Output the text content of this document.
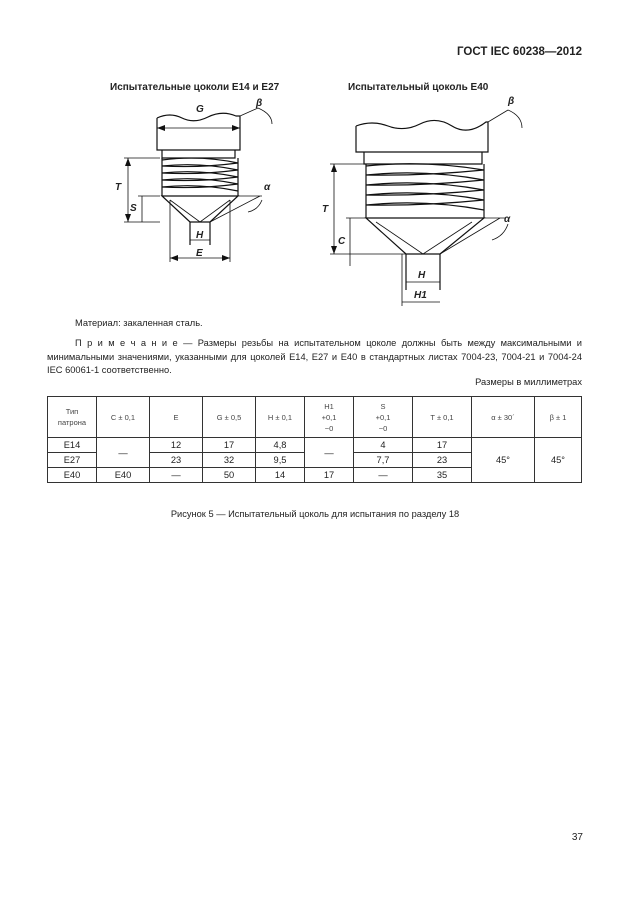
ГОСТ IEC 60238—2012
Испытательные цоколи Е14 и Е27	Испытательный цоколь Е40
G
β
T
S
α
H
E
β
T
C
α
H
H1
Материал: закаленная сталь.
П р и м е ч а н и е — Размеры резьбы на испытательном цоколе должны быть между максимальными и минимальными значениями, указанными для цоколей Е14, Е27 и Е40 в стандартных листах 7004-23, 7004-21 и 7004-24 IEC 60061-1 соответственно.
Размеры в миллиметрах
Тип
патрона	C ± 0,1	E	G ± 0,5	H ± 0,1	H1
+0,1
−0	S
+0,1
−0	T ± 0,1	α ± 30´	β ± 1
Е14	—	12	17	4,8	—	4	17	45°	45°
Е27		23	32	9,5		7,7	23		
Е40	Е40	—	50	14	17	—	35		
Рисунок 5 — Испытательный цоколь для испытания по разделу 18
37
